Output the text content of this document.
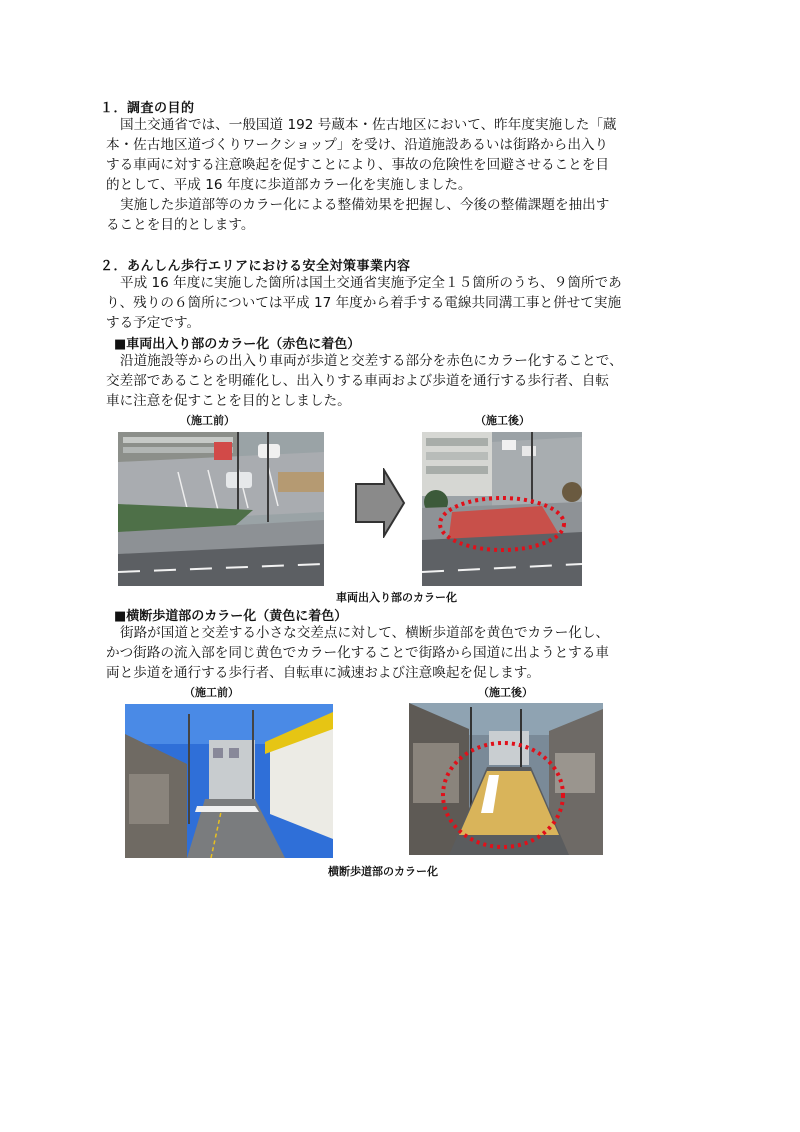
１．調査の目的
国土交通省では、一般国道 192 号蔵本・佐古地区において、昨年度実施した「蔵
本・佐古地区道づくりワークショップ」を受け、沿道施設あるいは街路から出入り
する車両に対する注意喚起を促すことにより、事故の危険性を回避させることを目
的として、平成 16 年度に歩道部カラー化を実施しました。
実施した歩道部等のカラー化による整備効果を把握し、今後の整備課題を抽出す
ることを目的とします。
２．あんしん歩行エリアにおける安全対策事業内容
平成 16 年度に実施した箇所は国土交通省実施予定全１５箇所のうち、９箇所であ
り、残りの６箇所については平成 17 年度から着手する電線共同溝工事と併せて実施
する予定です。
■車両出入り部のカラー化（赤色に着色）
沿道施設等からの出入り車両が歩道と交差する部分を赤色にカラー化することで、
交差部であることを明確化し、出入りする車両および歩道を通行する歩行者、自転
車に注意を促すことを目的としました。
（施工前）	（施工後）
車両出入り部のカラー化
■横断歩道部のカラー化（黄色に着色）
街路が国道と交差する小さな交差点に対して、横断歩道部を黄色でカラー化し、
かつ街路の流入部を同じ黄色でカラー化することで街路から国道に出ようとする車
両と歩道を通行する歩行者、自転車に減速および注意喚起を促します。
（施工前）	（施工後）
横断歩道部のカラー化
